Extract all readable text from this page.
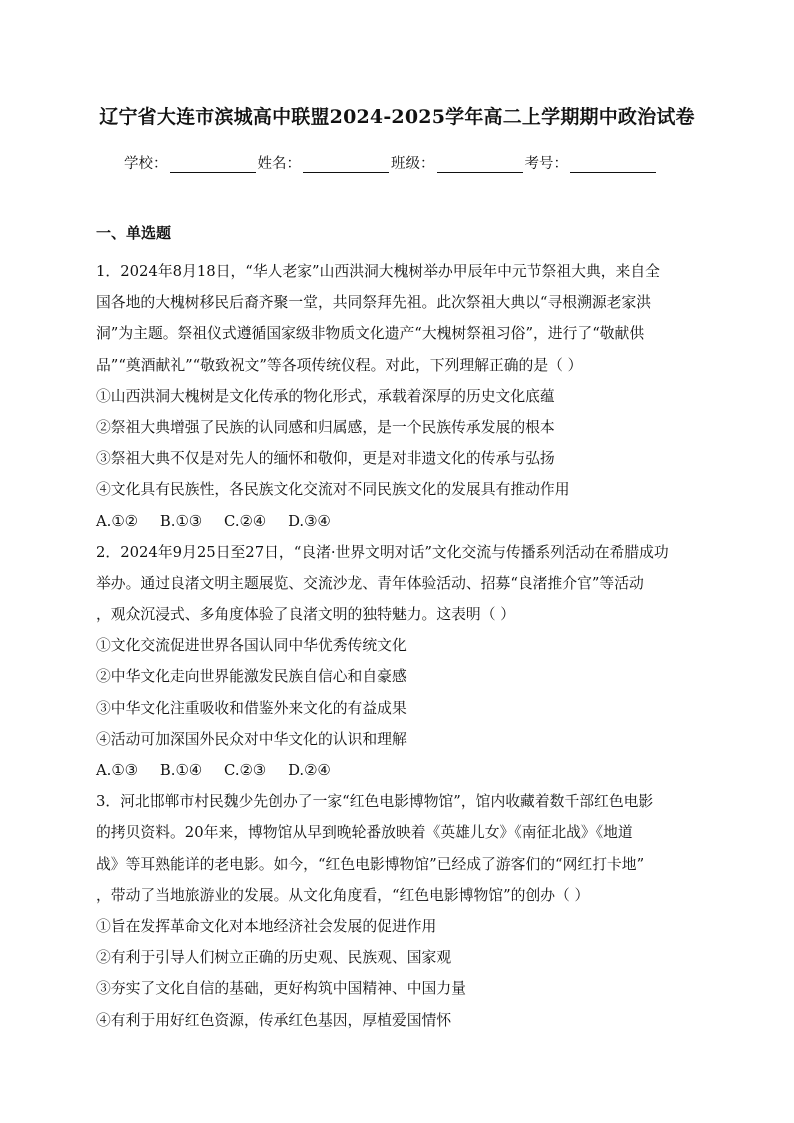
辽宁省大连市滨城高中联盟2024-2025学年高二上学期期中政治试卷
学校：	姓名：	班级：	考号：
一、单选题
1．2024年8月18日，“华人老家”山西洪洞大槐树举办甲辰年中元节祭祖大典，来自全
国各地的大槐树移民后裔齐聚一堂，共同祭拜先祖。此次祭祖大典以“寻根溯源老家洪
洞”为主题。祭祖仪式遵循国家级非物质文化遗产“大槐树祭祖习俗”，进行了“敬献供
品”“奠酒献礼”“敬致祝文”等各项传统仪程。对此，下列理解正确的是（ ）
①山西洪洞大槐树是文化传承的物化形式，承载着深厚的历史文化底蕴
②祭祖大典增强了民族的认同感和归属感，是一个民族传承发展的根本
③祭祖大典不仅是对先人的缅怀和敬仰，更是对非遗文化的传承与弘扬
④文化具有民族性，各民族文化交流对不同民族文化的发展具有推动作用
A.①② B.①③ C.②④ D.③④
2．2024年9月25日至27日，“良渚·世界文明对话”文化交流与传播系列活动在希腊成功
举办。通过良渚文明主题展览、交流沙龙、青年体验活动、招募“良渚推介官”等活动
，观众沉浸式、多角度体验了良渚文明的独特魅力。这表明（ ）
①文化交流促进世界各国认同中华优秀传统文化
②中华文化走向世界能激发民族自信心和自豪感
③中华文化注重吸收和借鉴外来文化的有益成果
④活动可加深国外民众对中华文化的认识和理解
A.①③ B.①④ C.②③ D.②④
3．河北邯郸市村民魏少先创办了一家“红色电影博物馆”，馆内收藏着数千部红色电影
的拷贝资料。20年来，博物馆从早到晚轮番放映着《英雄儿女》《南征北战》《地道
战》等耳熟能详的老电影。如今，“红色电影博物馆”已经成了游客们的“网红打卡地”
，带动了当地旅游业的发展。从文化角度看，“红色电影博物馆”的创办（ ）
①旨在发挥革命文化对本地经济社会发展的促进作用
②有利于引导人们树立正确的历史观、民族观、国家观
③夯实了文化自信的基础，更好构筑中国精神、中国力量
④有利于用好红色资源，传承红色基因，厚植爱国情怀
